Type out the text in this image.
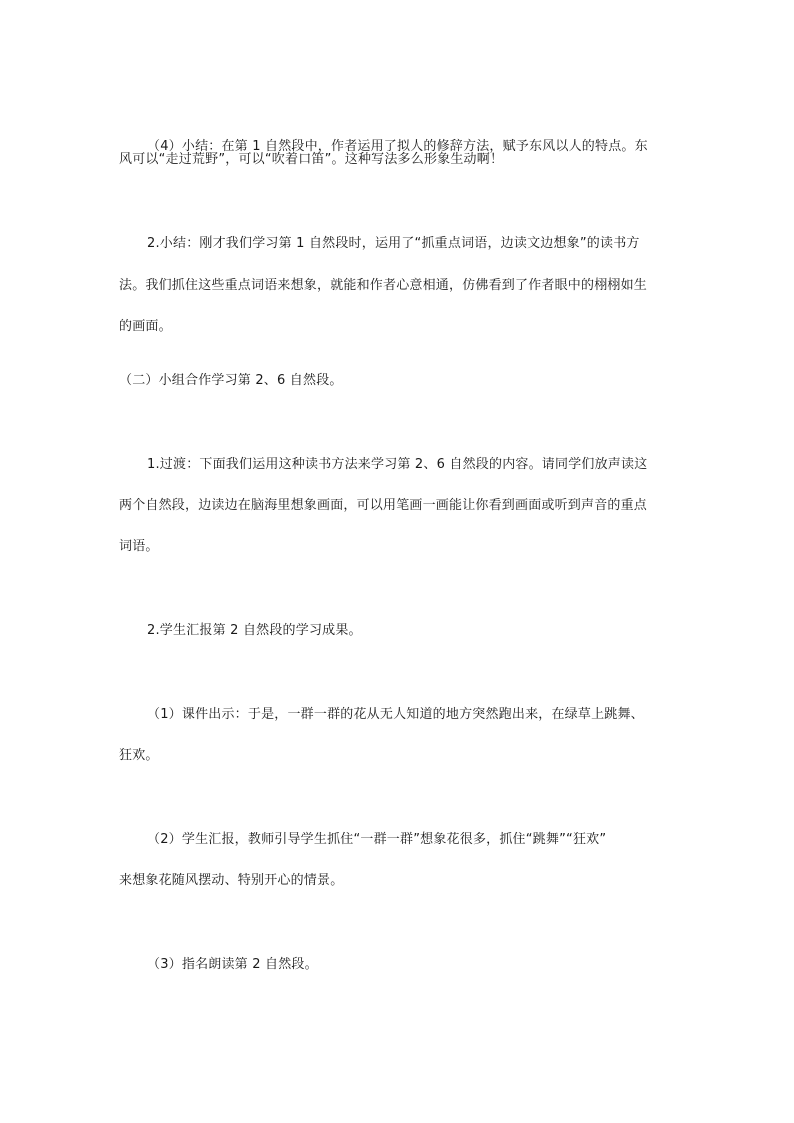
（4）小结：在第 1 自然段中，作者运用了拟人的修辞方法，赋予东风以人的特点。东
风可以“走过荒野”，可以“吹着口笛”。这种写法多么形象生动啊！
2.小结：刚才我们学习第 1 自然段时，运用了“抓重点词语，边读文边想象”的读书方
法。我们抓住这些重点词语来想象，就能和作者心意相通，仿佛看到了作者眼中的栩栩如生
的画面。
（二）小组合作学习第 2、6 自然段。
1.过渡：下面我们运用这种读书方法来学习第 2、6 自然段的内容。请同学们放声读这
两个自然段，边读边在脑海里想象画面，可以用笔画一画能让你看到画面或听到声音的重点
词语。
2.学生汇报第 2 自然段的学习成果。
（1）课件出示：于是，一群一群的花从无人知道的地方突然跑出来，在绿草上跳舞、
狂欢。
（2）学生汇报，教师引导学生抓住“一群一群”想象花很多，抓住“跳舞”“狂欢”
来想象花随风摆动、特别开心的情景。
（3）指名朗读第 2 自然段。
